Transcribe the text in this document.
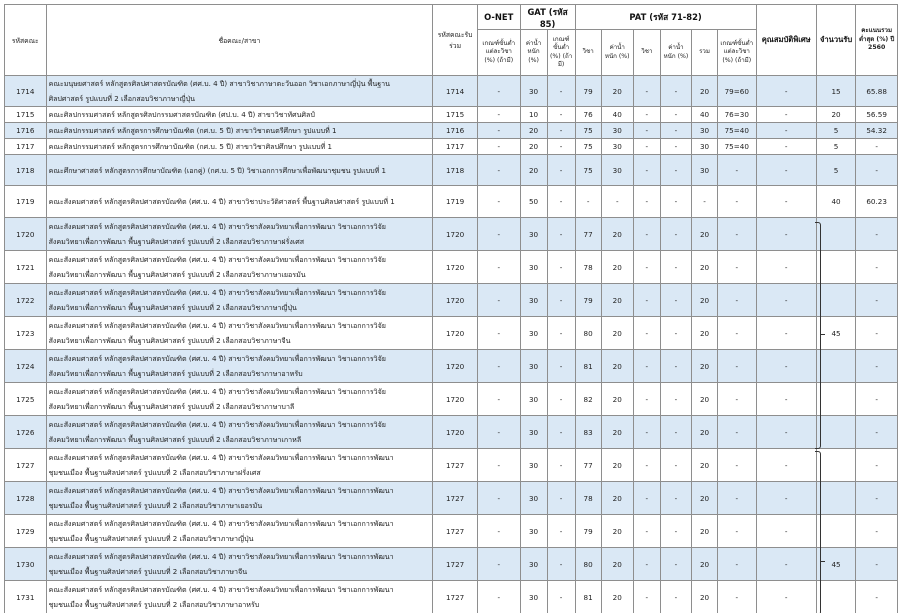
รหัสคณะ	ชื่อคณะ/สาขา	รหัสคณะรับร่วม	O-NET	GAT (รหัส 85)		PAT (รหัส 71-82)						คุณสมบัติพิเศษ	จำนวนรับ	คะแนนรวมต่ำสุด (%) ปี 2560
			เกณฑ์ขั้นต่ำแต่ละวิชา (%) (ถ้ามี)	ค่าน้ำหนัก (%)	เกณฑ์ขั้นต่ำ (%) (ถ้ามี)	วิชา	ค่าน้ำหนัก (%)	วิชา	ค่าน้ำหนัก (%)	รวม	เกณฑ์ขั้นต่ำแต่ละวิชา (%) (ถ้ามี)			
1714	คณะมนุษยศาสตร์ หลักสูตรศิลปศาสตรบัณฑิต (ศศ.บ. 4 ปี) สาขาวิชาภาษาตะวันออก วิชาเอกภาษาญี่ปุ่น พื้นฐาน
ศิลปศาสตร์ รูปแบบที่ 2 เลือกสอบวิชาภาษาญี่ปุ่น	1714	-	30	-	79	20	-	-	20	79=60	-	15	65.88
1715	คณะศิลปกรรมศาสตร์ หลักสูตรศิลปกรรมศาสตรบัณฑิต (ศป.บ. 4 ปี) สาขาวิชาทัศนศิลป์	1715	-	10	-	76	40	-	-	40	76=30	-	20	56.59
1716	คณะศิลปกรรมศาสตร์ หลักสูตรการศึกษาบัณฑิต (กศ.บ. 5 ปี) สาขาวิชาดนตรีศึกษา รูปแบบที่ 1	1716	-	20	-	75	30	-	-	30	75=40	-	5	54.32
1717	คณะศิลปกรรมศาสตร์ หลักสูตรการศึกษาบัณฑิต (กศ.บ. 5 ปี) สาขาวิชาศิลปศึกษา รูปแบบที่ 1	1717	-	20	-	75	30	-	-	30	75=40	-	5	-
1718	คณะศึกษาศาสตร์ หลักสูตรการศึกษาบัณฑิต (เอกคู่) (กศ.บ. 5 ปี) วิชาเอกการศึกษาเพื่อพัฒนาชุมชน รูปแบบที่ 1	1718	-	20	-	75	30	-	-	30	-	-	5	-
1719	คณะสังคมศาสตร์ หลักสูตรศิลปศาสตรบัณฑิต (ศศ.บ. 4 ปี) สาขาวิชาประวัติศาสตร์ พื้นฐานศิลปศาสตร์ รูปแบบที่ 1	1719	-	50	-	-	-	-	-	-	-	-	40	60.23
1720	คณะสังคมศาสตร์ หลักสูตรศิลปศาสตรบัณฑิต (ศศ.บ. 4 ปี) สาขาวิชาสังคมวิทยาเพื่อการพัฒนา วิชาเอกการวิจัย
สังคมวิทยาเพื่อการพัฒนา พื้นฐานศิลปศาสตร์ รูปแบบที่ 2 เลือกสอบวิชาภาษาฝรั่งเศส	1720	-	30	-	77	20	-	-	20	-	-		-
1721	คณะสังคมศาสตร์ หลักสูตรศิลปศาสตรบัณฑิต (ศศ.บ. 4 ปี) สาขาวิชาสังคมวิทยาเพื่อการพัฒนา วิชาเอกการวิจัย
สังคมวิทยาเพื่อการพัฒนา พื้นฐานศิลปศาสตร์ รูปแบบที่ 2 เลือกสอบวิชาภาษาเยอรมัน	1720	-	30	-	78	20	-	-	20	-	-		-
1722	คณะสังคมศาสตร์ หลักสูตรศิลปศาสตรบัณฑิต (ศศ.บ. 4 ปี) สาขาวิชาสังคมวิทยาเพื่อการพัฒนา วิชาเอกการวิจัย
สังคมวิทยาเพื่อการพัฒนา พื้นฐานศิลปศาสตร์ รูปแบบที่ 2 เลือกสอบวิชาภาษาญี่ปุ่น	1720	-	30	-	79	20	-	-	20	-	-		-
1723	คณะสังคมศาสตร์ หลักสูตรศิลปศาสตรบัณฑิต (ศศ.บ. 4 ปี) สาขาวิชาสังคมวิทยาเพื่อการพัฒนา วิชาเอกการวิจัย
สังคมวิทยาเพื่อการพัฒนา พื้นฐานศิลปศาสตร์ รูปแบบที่ 2 เลือกสอบวิชาภาษาจีน	1720	-	30	-	80	20	-	-	20	-	-	45	-
1724	คณะสังคมศาสตร์ หลักสูตรศิลปศาสตรบัณฑิต (ศศ.บ. 4 ปี) สาขาวิชาสังคมวิทยาเพื่อการพัฒนา วิชาเอกการวิจัย
สังคมวิทยาเพื่อการพัฒนา พื้นฐานศิลปศาสตร์ รูปแบบที่ 2 เลือกสอบวิชาภาษาอาหรับ	1720	-	30	-	81	20	-	-	20	-	-		-
1725	คณะสังคมศาสตร์ หลักสูตรศิลปศาสตรบัณฑิต (ศศ.บ. 4 ปี) สาขาวิชาสังคมวิทยาเพื่อการพัฒนา วิชาเอกการวิจัย
สังคมวิทยาเพื่อการพัฒนา พื้นฐานศิลปศาสตร์ รูปแบบที่ 2 เลือกสอบวิชาภาษาบาลี	1720	-	30	-	82	20	-	-	20	-	-		-
1726	คณะสังคมศาสตร์ หลักสูตรศิลปศาสตรบัณฑิต (ศศ.บ. 4 ปี) สาขาวิชาสังคมวิทยาเพื่อการพัฒนา วิชาเอกการวิจัย
สังคมวิทยาเพื่อการพัฒนา พื้นฐานศิลปศาสตร์ รูปแบบที่ 2 เลือกสอบวิชาภาษาเกาหลี	1720	-	30	-	83	20	-	-	20	-	-		-
1727	คณะสังคมศาสตร์ หลักสูตรศิลปศาสตรบัณฑิต (ศศ.บ. 4 ปี) สาขาวิชาสังคมวิทยาเพื่อการพัฒนา วิชาเอกการพัฒนา
ชุมชนเมือง พื้นฐานศิลปศาสตร์ รูปแบบที่ 2 เลือกสอบวิชาภาษาฝรั่งเศส	1727	-	30	-	77	20	-	-	20	-	-		-
1728	คณะสังคมศาสตร์ หลักสูตรศิลปศาสตรบัณฑิต (ศศ.บ. 4 ปี) สาขาวิชาสังคมวิทยาเพื่อการพัฒนา วิชาเอกการพัฒนา
ชุมชนเมือง พื้นฐานศิลปศาสตร์ รูปแบบที่ 2 เลือกสอบวิชาภาษาเยอรมัน	1727	-	30	-	78	20	-	-	20	-	-		-
1729	คณะสังคมศาสตร์ หลักสูตรศิลปศาสตรบัณฑิต (ศศ.บ. 4 ปี) สาขาวิชาสังคมวิทยาเพื่อการพัฒนา วิชาเอกการพัฒนา
ชุมชนเมือง พื้นฐานศิลปศาสตร์ รูปแบบที่ 2 เลือกสอบวิชาภาษาญี่ปุ่น	1727	-	30	-	79	20	-	-	20	-	-		-
1730	คณะสังคมศาสตร์ หลักสูตรศิลปศาสตรบัณฑิต (ศศ.บ. 4 ปี) สาขาวิชาสังคมวิทยาเพื่อการพัฒนา วิชาเอกการพัฒนา
ชุมชนเมือง พื้นฐานศิลปศาสตร์ รูปแบบที่ 2 เลือกสอบวิชาภาษาจีน	1727	-	30	-	80	20	-	-	20	-	-	45	-
1731	คณะสังคมศาสตร์ หลักสูตรศิลปศาสตรบัณฑิต (ศศ.บ. 4 ปี) สาขาวิชาสังคมวิทยาเพื่อการพัฒนา วิชาเอกการพัฒนา
ชุมชนเมือง พื้นฐานศิลปศาสตร์ รูปแบบที่ 2 เลือกสอบวิชาภาษาอาหรับ	1727	-	30	-	81	20	-	-	20	-	-		-
